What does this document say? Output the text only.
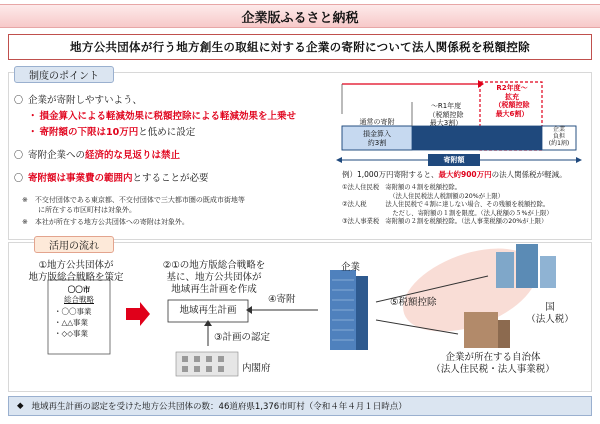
企業版ふるさと納税
地方公共団体が行う地方創生の取組に対する企業の寄附について法人関係税を税額控除
制度のポイント
〇 企業が寄附しやすいよう、
・ 損金算入による軽減効果に税額控除による軽減効果を上乗せ
・ 寄附額の下限は10万円と低めに設定
〇 寄附企業への経済的な見返りは禁止
〇 寄附額は事業費の範囲内とすることが必要
※　 不交付団体である東京都、不交付団体で三大都市圏の既成市街地等
に所在する市区町村は対象外。
※　 本社が所在する地方公共団体への寄附は対象外。
R2年度～
拡充
（税額控除
最大6割）
～R1年度
（税額控除
最大3割）
通常の寄附
損金算入
約3割
企業
負担
(約1割)
寄附額
例）1,000万円寄附すると、最大約900万円の法人関係税が軽減。
①法人住民税　寄附額の４割を税額控除。
　　　　　　　　（法人住民税法人税割額の20%が上限）
②法人税　　　法人住民税で４割に達しない場合、その残額を税額控除。
　　　　　　　　ただし、寄附額の１割を限度。（法人税額の５%が上限）
③法人事業税　寄附額の２割を税額控除。（法人事業税額の20%が上限）
活用の流れ
①地方公共団体が
地方版総合戦略を策定
〇〇市
総合戦略
・〇〇事業
・△△事業
・◇◇事業
②①の地方版総合戦略を
基に、地方公共団体が
地域再生計画を作成
地域再生計画
③計画の認定
内閣府
企業
④寄附	⑤税額控除	国
（法人税）
企業が所在する自治体
（法人住民税・法人事業税）
◆ 地域再生計画の認定を受けた地方公共団体の数：46道府県1,376市町村（令和４年４月１日時点）
